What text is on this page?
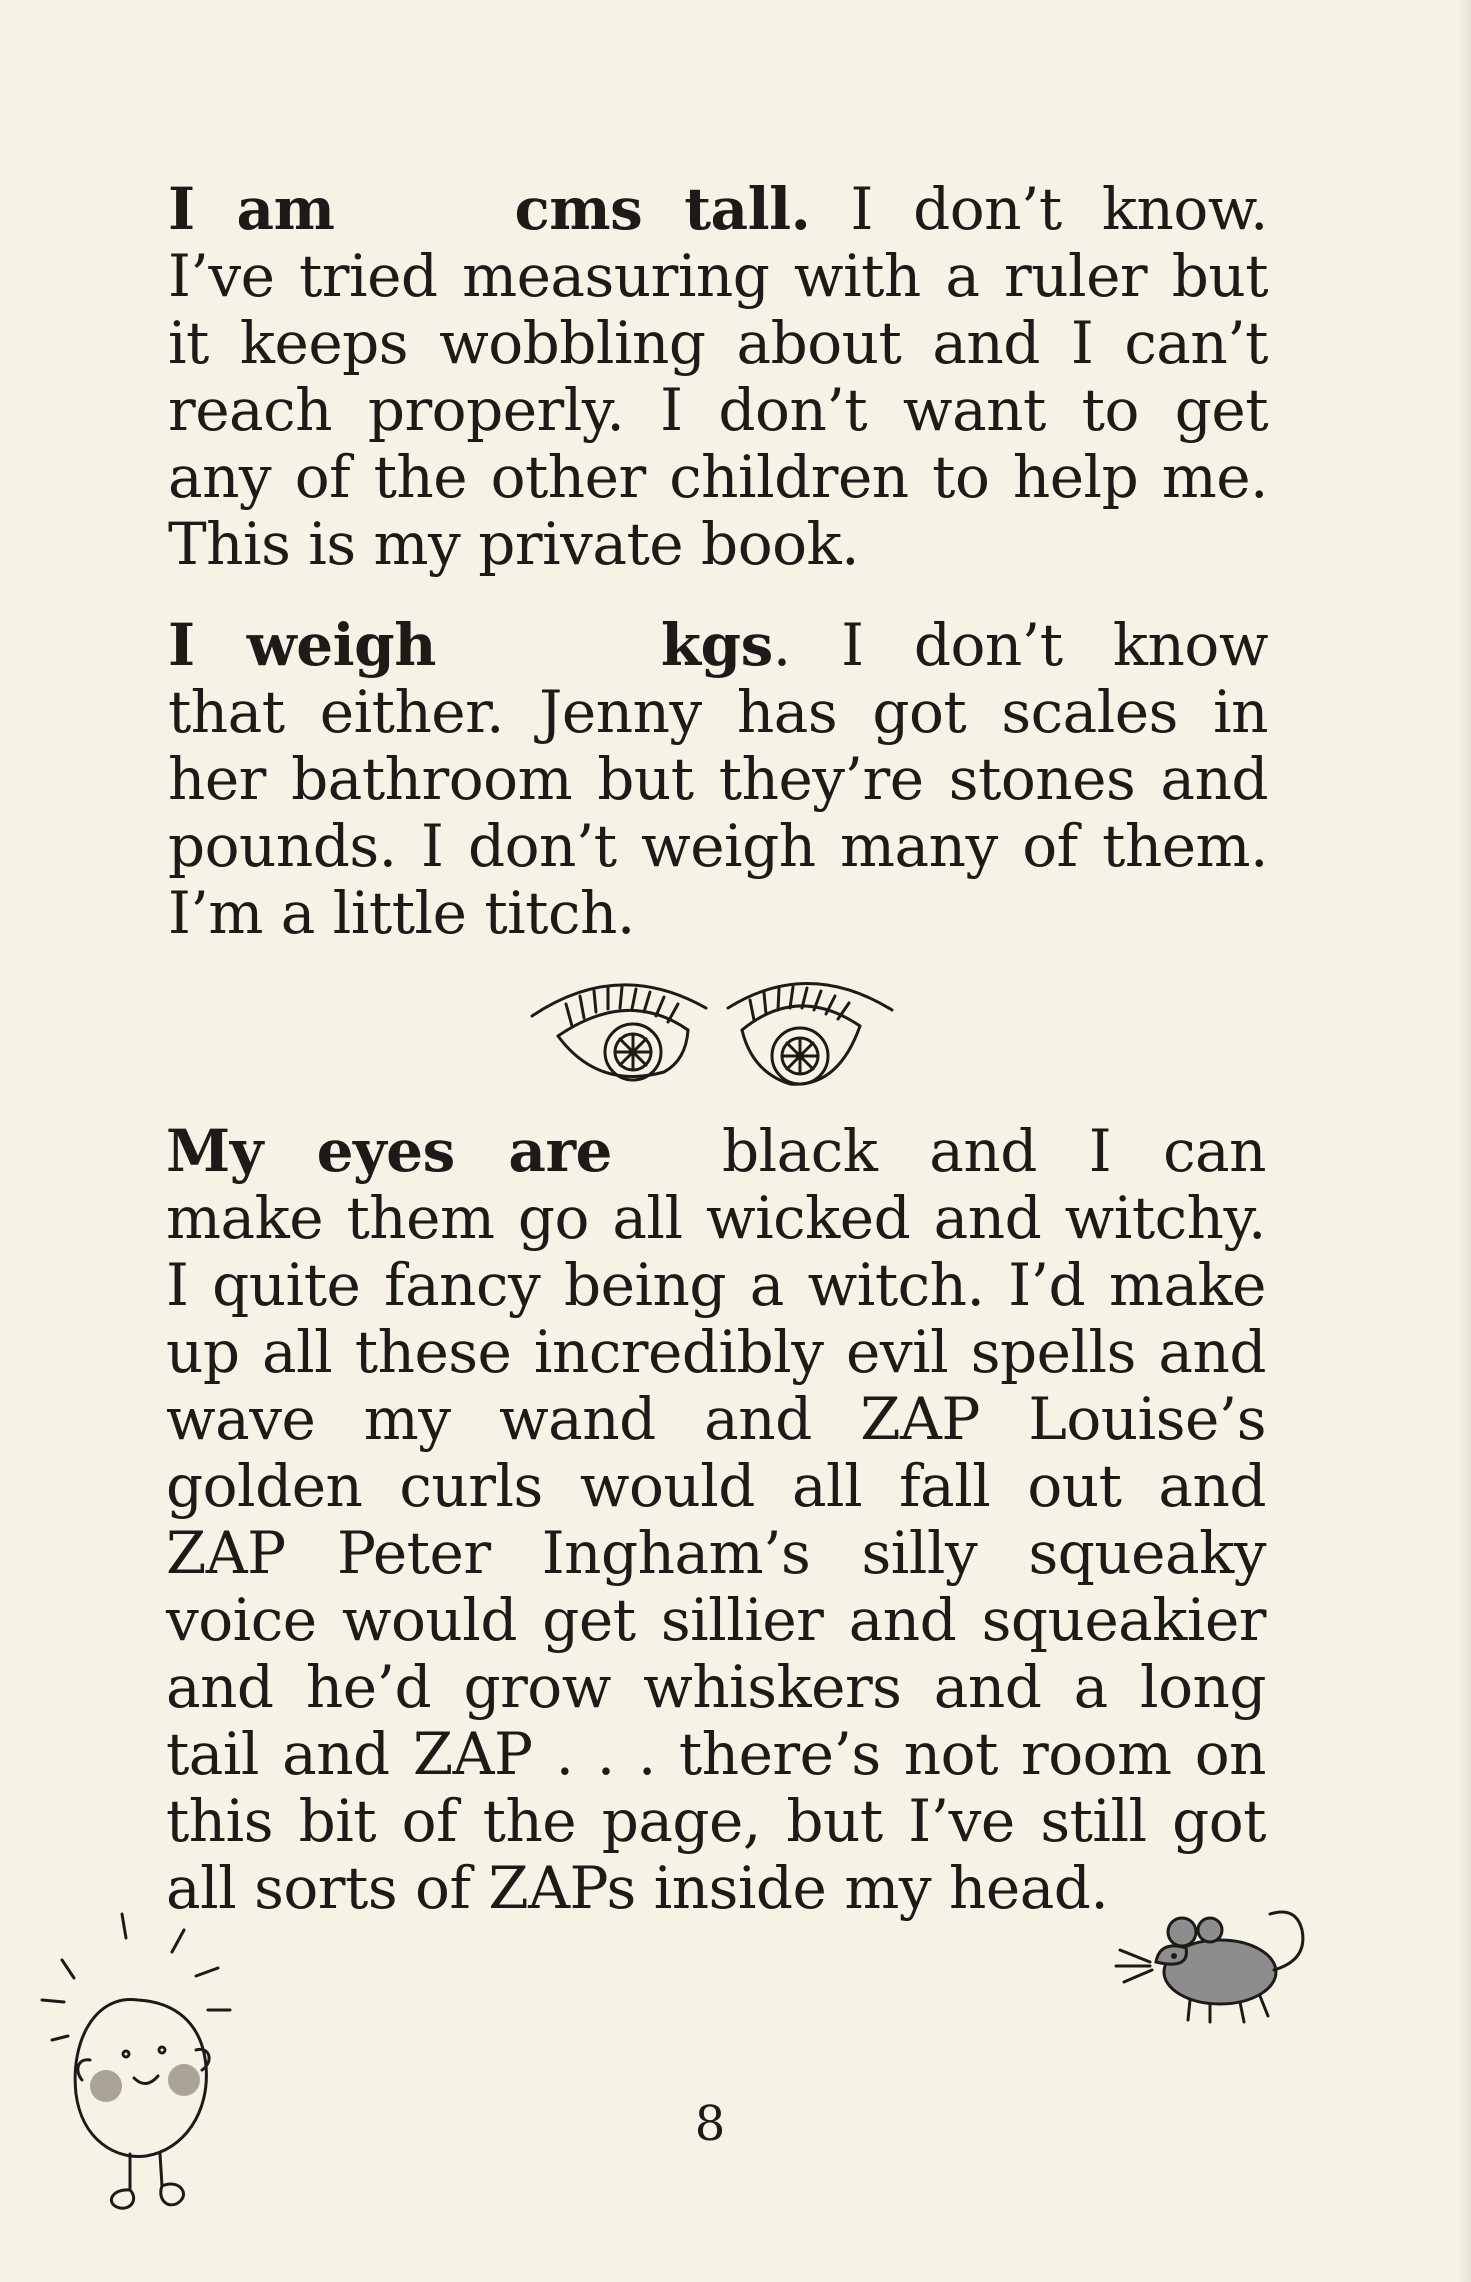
I am	cms tall. I don’t know. I’ve tried measuring with a ruler but it keeps wobbling about and I can’t reach properly. I don’t want to get any of the other children to help me. This is my private book.
I weigh	kgs. I don’t know that either. Jenny has got scales in her bathroom but they’re stones and pounds. I don’t weigh many of them. I’m a little titch.
My eyes are black and I can make them go all wicked and witchy. I quite fancy being a witch. I’d make up all these incredibly evil spells and wave my wand and ZAP Louise’s golden curls would all fall out and ZAP Peter Ingham’s silly squeaky voice would get sillier and squeakier and he’d grow whiskers and a long tail and ZAP . . . there’s not room on this bit of the page, but I’ve still got all sorts of ZAPs inside my head.
8
